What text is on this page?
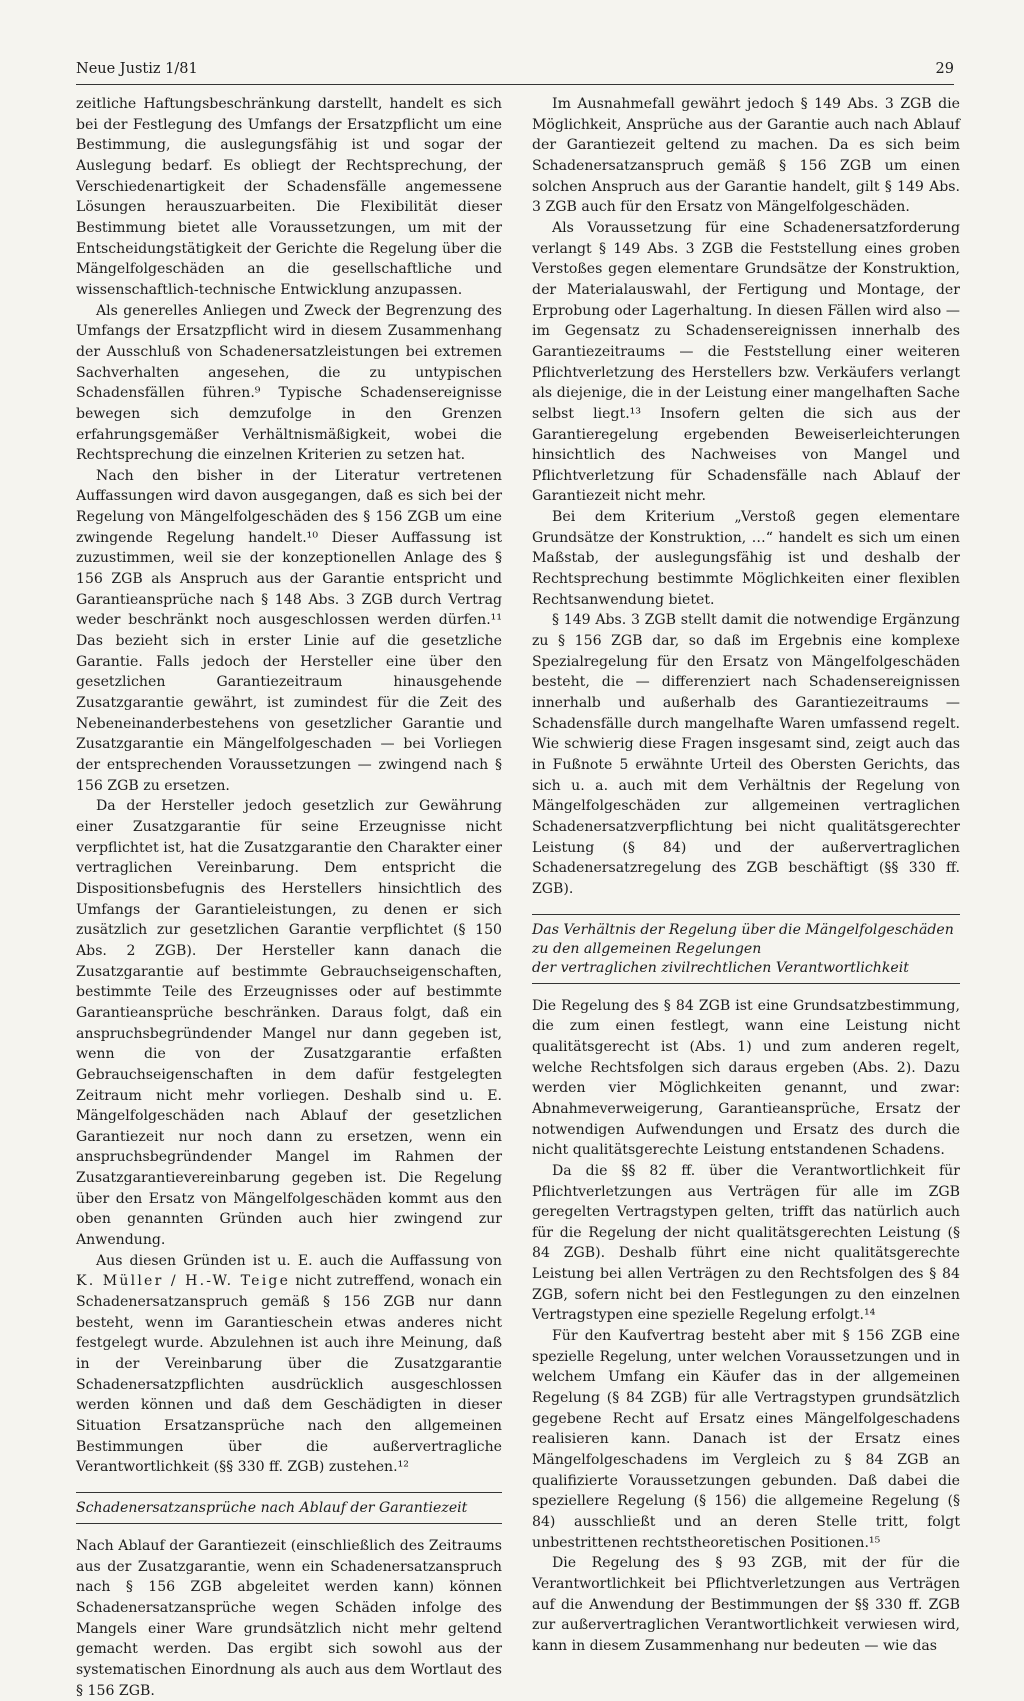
Neue Justiz 1/81	29

zeitliche Haftungsbeschränkung darstellt, handelt es sich bei der Festlegung des Umfangs der Ersatzpflicht um eine Bestimmung, die auslegungsfähig ist und sogar der Auslegung bedarf. Es obliegt der Rechtsprechung, der Verschiedenartigkeit der Schadensfälle angemessene Lösungen herauszuarbeiten. Die Flexibilität dieser Bestimmung bietet alle Voraussetzungen, um mit der Entscheidungstätigkeit der Gerichte die Regelung über die Mängelfolgeschäden an die gesellschaftliche und wissenschaftlich-technische Entwicklung anzupassen.

Als generelles Anliegen und Zweck der Begrenzung des Umfangs der Ersatzpflicht wird in diesem Zusammenhang der Ausschluß von Schadenersatzleistungen bei extremen Sachverhalten angesehen, die zu untypischen Schadensfällen führen.⁹ Typische Schadensereignisse bewegen sich demzufolge in den Grenzen erfahrungsgemäßer Verhältnismäßigkeit, wobei die Rechtsprechung die einzelnen Kriterien zu setzen hat.

Nach den bisher in der Literatur vertretenen Auffassungen wird davon ausgegangen, daß es sich bei der Regelung von Mängelfolgeschäden des § 156 ZGB um eine zwingende Regelung handelt.¹⁰ Dieser Auffassung ist zuzustimmen, weil sie der konzeptionellen Anlage des § 156 ZGB als Anspruch aus der Garantie entspricht und Garantieansprüche nach § 148 Abs. 3 ZGB durch Vertrag weder beschränkt noch ausgeschlossen werden dürfen.¹¹ Das bezieht sich in erster Linie auf die gesetzliche Garantie. Falls jedoch der Hersteller eine über den gesetzlichen Garantiezeitraum hinausgehende Zusatzgarantie gewährt, ist zumindest für die Zeit des Nebeneinanderbestehens von gesetzlicher Garantie und Zusatzgarantie ein Mängelfolgeschaden — bei Vorliegen der entsprechenden Voraussetzungen — zwingend nach § 156 ZGB zu ersetzen.

Da der Hersteller jedoch gesetzlich zur Gewährung einer Zusatzgarantie für seine Erzeugnisse nicht verpflichtet ist, hat die Zusatzgarantie den Charakter einer vertraglichen Vereinbarung. Dem entspricht die Dispositionsbefugnis des Herstellers hinsichtlich des Umfangs der Garantieleistungen, zu denen er sich zusätzlich zur gesetzlichen Garantie verpflichtet (§ 150 Abs. 2 ZGB). Der Hersteller kann danach die Zusatzgarantie auf bestimmte Gebrauchseigenschaften, bestimmte Teile des Erzeugnisses oder auf bestimmte Garantieansprüche beschränken. Daraus folgt, daß ein anspruchsbegründender Mangel nur dann gegeben ist, wenn die von der Zusatzgarantie erfaßten Gebrauchseigenschaften in dem dafür festgelegten Zeitraum nicht mehr vorliegen. Deshalb sind u. E. Mängelfolgeschäden nach Ablauf der gesetzlichen Garantiezeit nur noch dann zu ersetzen, wenn ein anspruchsbegründender Mangel im Rahmen der Zusatzgarantievereinbarung gegeben ist. Die Regelung über den Ersatz von Mängelfolgeschäden kommt aus den oben genannten Gründen auch hier zwingend zur Anwendung.

Aus diesen Gründen ist u. E. auch die Auffassung von K. Müller / H.-W. Teige nicht zutreffend, wonach ein Schadenersatzanspruch gemäß § 156 ZGB nur dann besteht, wenn im Garantieschein etwas anderes nicht festgelegt wurde. Abzulehnen ist auch ihre Meinung, daß in der Vereinbarung über die Zusatzgarantie Schadenersatzpflichten ausdrücklich ausgeschlossen werden können und daß dem Geschädigten in dieser Situation Ersatzansprüche nach den allgemeinen Bestimmungen über die außervertragliche Verantwortlichkeit (§§ 330 ff. ZGB) zustehen.¹²

Schadenersatzansprüche nach Ablauf der Garantiezeit

Nach Ablauf der Garantiezeit (einschließlich des Zeitraums aus der Zusatzgarantie, wenn ein Schadenersatzanspruch nach § 156 ZGB abgeleitet werden kann) können Schadenersatzansprüche wegen Schäden infolge des Mangels einer Ware grundsätzlich nicht mehr geltend gemacht werden. Das ergibt sich sowohl aus der systematischen Einordnung als auch aus dem Wortlaut des § 156 ZGB.

Im Ausnahmefall gewährt jedoch § 149 Abs. 3 ZGB die Möglichkeit, Ansprüche aus der Garantie auch nach Ablauf der Garantiezeit geltend zu machen. Da es sich beim Schadenersatzanspruch gemäß § 156 ZGB um einen solchen Anspruch aus der Garantie handelt, gilt § 149 Abs. 3 ZGB auch für den Ersatz von Mängelfolgeschäden.

Als Voraussetzung für eine Schadenersatzforderung verlangt § 149 Abs. 3 ZGB die Feststellung eines groben Verstoßes gegen elementare Grundsätze der Konstruktion, der Materialauswahl, der Fertigung und Montage, der Erprobung oder Lagerhaltung. In diesen Fällen wird also — im Gegensatz zu Schadensereignissen innerhalb des Garantiezeitraums — die Feststellung einer weiteren Pflichtverletzung des Herstellers bzw. Verkäufers verlangt als diejenige, die in der Leistung einer mangelhaften Sache selbst liegt.¹³ Insofern gelten die sich aus der Garantieregelung ergebenden Beweiserleichterungen hinsichtlich des Nachweises von Mangel und Pflichtverletzung für Schadensfälle nach Ablauf der Garantiezeit nicht mehr.

Bei dem Kriterium „Verstoß gegen elementare Grundsätze der Konstruktion, …“ handelt es sich um einen Maßstab, der auslegungsfähig ist und deshalb der Rechtsprechung bestimmte Möglichkeiten einer flexiblen Rechtsanwendung bietet.

§ 149 Abs. 3 ZGB stellt damit die notwendige Ergänzung zu § 156 ZGB dar, so daß im Ergebnis eine komplexe Spezialregelung für den Ersatz von Mängelfolgeschäden besteht, die — differenziert nach Schadensereignissen innerhalb und außerhalb des Garantiezeitraums — Schadensfälle durch mangelhafte Waren umfassend regelt. Wie schwierig diese Fragen insgesamt sind, zeigt auch das in Fußnote 5 erwähnte Urteil des Obersten Gerichts, das sich u. a. auch mit dem Verhältnis der Regelung von Mängelfolgeschäden zur allgemeinen vertraglichen Schadenersatzverpflichtung bei nicht qualitätsgerechter Leistung (§ 84) und der außervertraglichen Schadenersatzregelung des ZGB beschäftigt (§§ 330 ff. ZGB).

Das Verhältnis der Regelung über die Mängelfolgeschäden
zu den allgemeinen Regelungen
der vertraglichen zivilrechtlichen Verantwortlichkeit

Die Regelung des § 84 ZGB ist eine Grundsatzbestimmung, die zum einen festlegt, wann eine Leistung nicht qualitätsgerecht ist (Abs. 1) und zum anderen regelt, welche Rechtsfolgen sich daraus ergeben (Abs. 2). Dazu werden vier Möglichkeiten genannt, und zwar: Abnahmeverweigerung, Garantieansprüche, Ersatz der notwendigen Aufwendungen und Ersatz des durch die nicht qualitätsgerechte Leistung entstandenen Schadens.

Da die §§ 82 ff. über die Verantwortlichkeit für Pflichtverletzungen aus Verträgen für alle im ZGB geregelten Vertragstypen gelten, trifft das natürlich auch für die Regelung der nicht qualitätsgerechten Leistung (§ 84 ZGB). Deshalb führt eine nicht qualitätsgerechte Leistung bei allen Verträgen zu den Rechtsfolgen des § 84 ZGB, sofern nicht bei den Festlegungen zu den einzelnen Vertragstypen eine spezielle Regelung erfolgt.¹⁴

Für den Kaufvertrag besteht aber mit § 156 ZGB eine spezielle Regelung, unter welchen Voraussetzungen und in welchem Umfang ein Käufer das in der allgemeinen Regelung (§ 84 ZGB) für alle Vertragstypen grundsätzlich gegebene Recht auf Ersatz eines Mängelfolgeschadens realisieren kann. Danach ist der Ersatz eines Mängelfolgeschadens im Vergleich zu § 84 ZGB an qualifizierte Voraussetzungen gebunden. Daß dabei die speziellere Regelung (§ 156) die allgemeine Regelung (§ 84) ausschließt und an deren Stelle tritt, folgt unbestrittenen rechtstheoretischen Positionen.¹⁵

Die Regelung des § 93 ZGB, mit der für die Verantwortlichkeit bei Pflichtverletzungen aus Verträgen auf die Anwendung der Bestimmungen der §§ 330 ff. ZGB zur außervertraglichen Verantwortlichkeit verwiesen wird, kann in diesem Zusammenhang nur bedeuten — wie das
